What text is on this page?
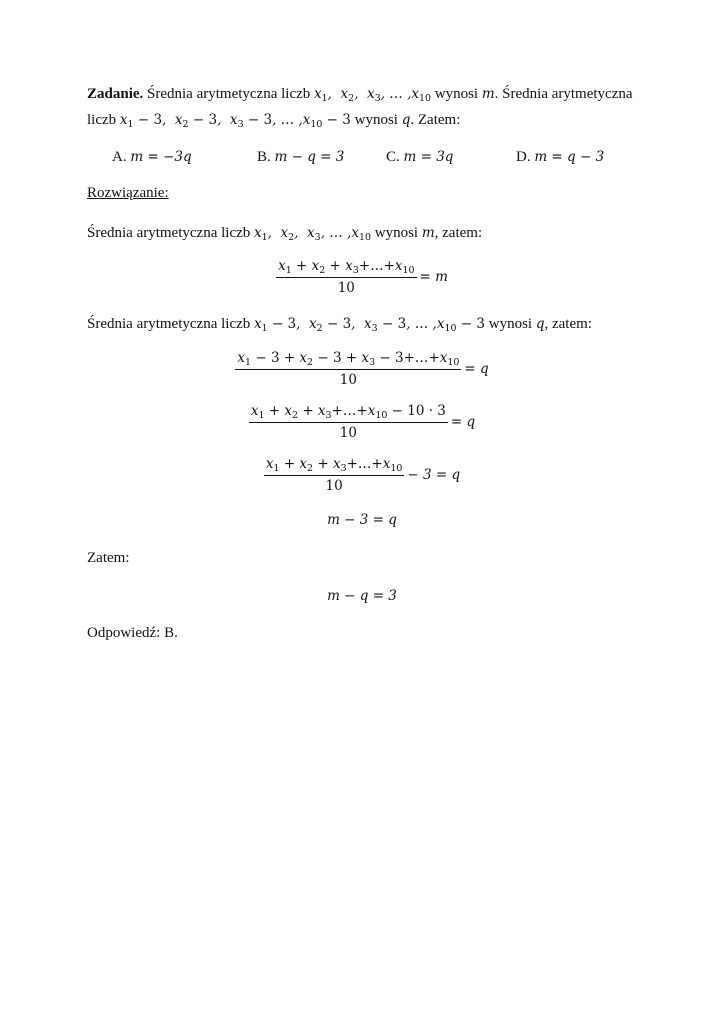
Zadanie. Średnia arytmetyczna liczb $x_1$,  $x_2$,  $x_3$, … $,x_{10}$ wynosi m. Średnia arytmetyczna
liczb $x_1 - 3$,  $x_2 - 3$,  $x_3 - 3$, … $,x_{10} - 3$ wynosi q. Zatem:
A. m = −3q	B. m − q = 3	C. m = 3q	D. m = q − 3
Rozwiązanie:
Średnia arytmetyczna liczb $x_1$,  $x_2$,  $x_3$, … $,x_{10}$ wynosi m, zatem:
$\frac{x_1 + x_2 + x_3+\dots+x_{10}}{10} = m$
Średnia arytmetyczna liczb $x_1 - 3$,  $x_2 - 3$,  $x_3 - 3$, … $,x_{10} - 3$ wynosi q, zatem:
$\frac{x_1 - 3 + x_2 - 3 + x_3 - 3+\dots+x_{10}}{10} = q$
$\frac{x_1 + x_2 + x_3+\dots+x_{10} - 10 \cdot 3}{10} = q$
$\frac{x_1 + x_2 + x_3+\dots+x_{10}}{10} - 3 = q$
m − 3 = q
Zatem:
m − q = 3
Odpowiedź: B.
